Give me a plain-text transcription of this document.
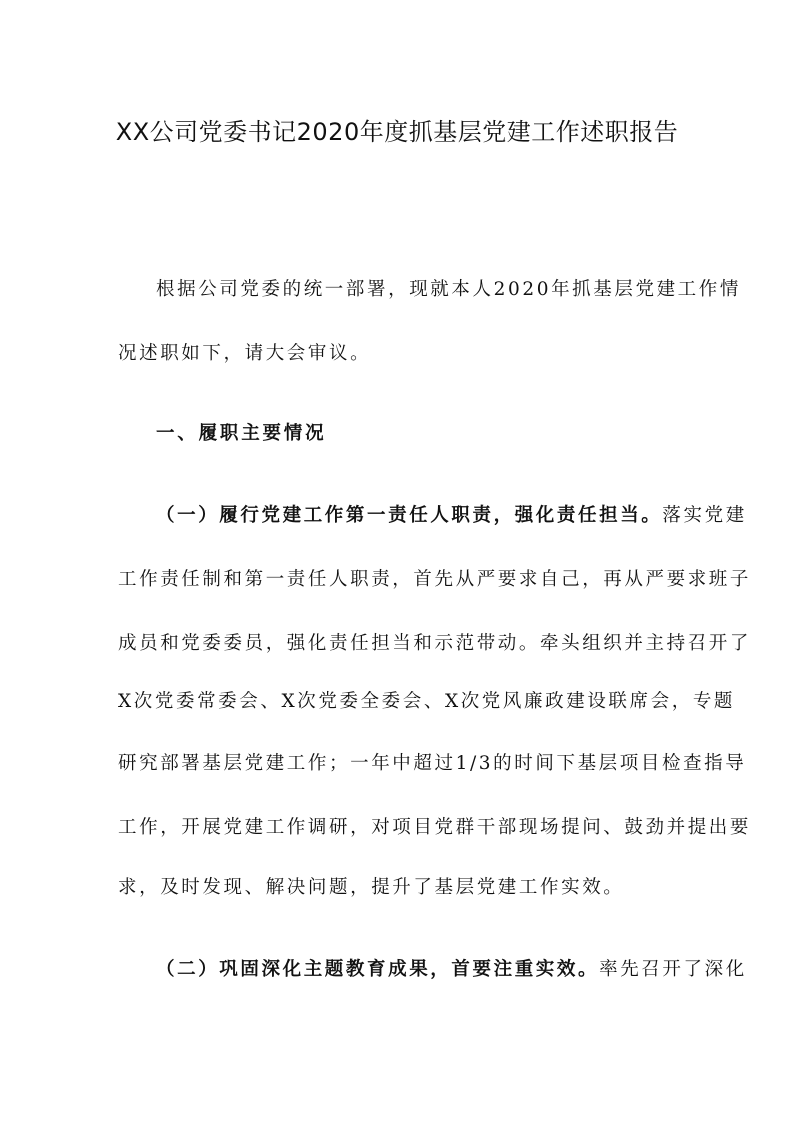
XX公司党委书记2020年度抓基层党建工作述职报告
根据公司党委的统一部署，现就本人2020年抓基层党建工作情
况述职如下，请大会审议。
一、履职主要情况
（一）履行党建工作第一责任人职责，强化责任担当。落实党建
工作责任制和第一责任人职责，首先从严要求自己，再从严要求班子
成员和党委委员，强化责任担当和示范带动。牵头组织并主持召开了
X次党委常委会、X次党委全委会、X次党风廉政建设联席会，专题
研究部署基层党建工作；一年中超过1/3的时间下基层项目检查指导
工作，开展党建工作调研，对项目党群干部现场提问、鼓劲并提出要
求，及时发现、解决问题，提升了基层党建工作实效。
（二）巩固深化主题教育成果，首要注重实效。率先召开了深化
